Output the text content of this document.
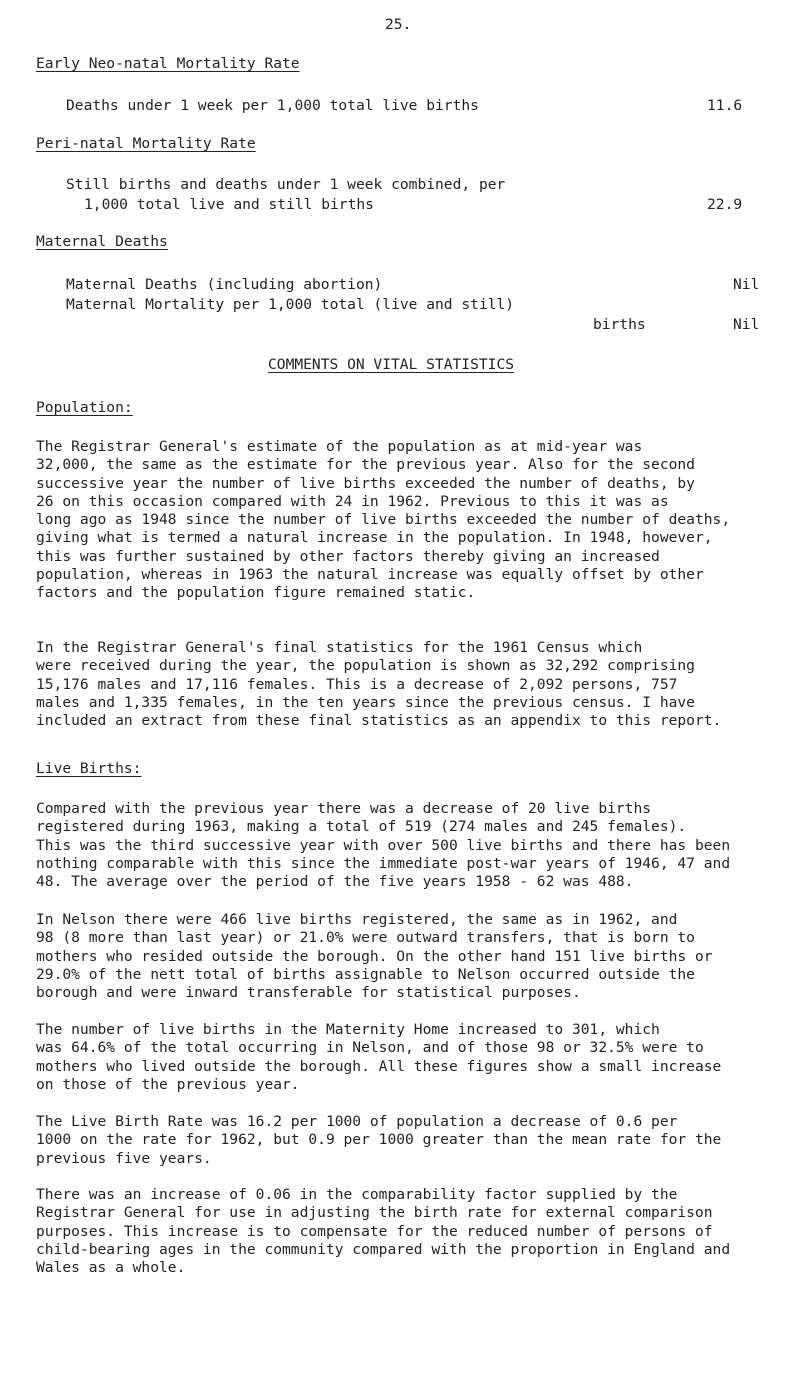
25.
Early Neo-natal Mortality Rate
Deaths under 1 week per 1,000 total live births	11.6
Peri-natal Mortality Rate
Still births and deaths under 1 week combined, per
1,000 total live and still births	22.9
Maternal Deaths
Maternal Deaths (including abortion)	Nil
Maternal Mortality per 1,000 total (live and still)
births	Nil
COMMENTS ON VITAL STATISTICS
Population:
The Registrar General's estimate of the population as at mid-year was
32,000, the same as the estimate for the previous year. Also for the second
successive year the number of live births exceeded the number of deaths, by
26 on this occasion compared with 24 in 1962. Previous to this it was as
long ago as 1948 since the number of live births exceeded the number of deaths,
giving what is termed a natural increase in the population. In 1948, however,
this was further sustained by other factors thereby giving an increased
population, whereas in 1963 the natural increase was equally offset by other
factors and the population figure remained static.
In the Registrar General's final statistics for the 1961 Census which
were received during the year, the population is shown as 32,292 comprising
15,176 males and 17,116 females. This is a decrease of 2,092 persons, 757
males and 1,335 females, in the ten years since the previous census. I have
included an extract from these final statistics as an appendix to this report.
Live Births:
Compared with the previous year there was a decrease of 20 live births
registered during 1963, making a total of 519 (274 males and 245 females).
This was the third successive year with over 500 live births and there has been
nothing comparable with this since the immediate post-war years of 1946, 47 and
48. The average over the period of the five years 1958 - 62 was 488.
In Nelson there were 466 live births registered, the same as in 1962, and
98 (8 more than last year) or 21.0% were outward transfers, that is born to
mothers who resided outside the borough. On the other hand 151 live births or
29.0% of the nett total of births assignable to Nelson occurred outside the
borough and were inward transferable for statistical purposes.
The number of live births in the Maternity Home increased to 301, which
was 64.6% of the total occurring in Nelson, and of those 98 or 32.5% were to
mothers who lived outside the borough. All these figures show a small increase
on those of the previous year.
The Live Birth Rate was 16.2 per 1000 of population a decrease of 0.6 per
1000 on the rate for 1962, but 0.9 per 1000 greater than the mean rate for the
previous five years.
There was an increase of 0.06 in the comparability factor supplied by the
Registrar General for use in adjusting the birth rate for external comparison
purposes. This increase is to compensate for the reduced number of persons of
child-bearing ages in the community compared with the proportion in England and
Wales as a whole.
